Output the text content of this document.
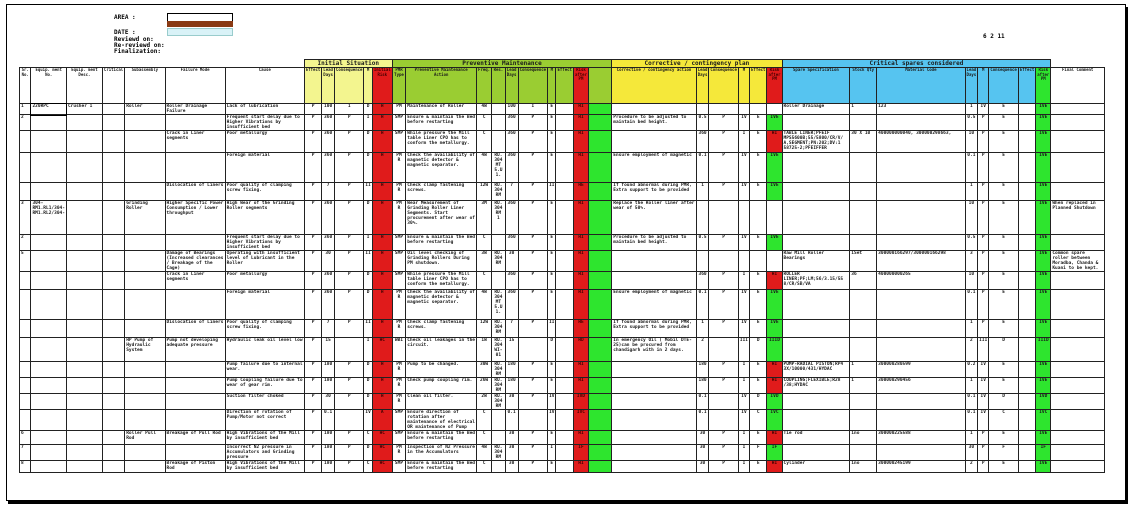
AREA :
DATE :
Reviewd on:
Re-reviewd on:
Finalization:
6 2 11
							Initial Situation					Preventive Maintenance										Corrective / contingency plan						Critical spares considered								
Sr. No.	Equip. ment No.	Equip. ment Desc.	Critical	Subassembly	Failure Mode	Cause	Effect	Lead Days	Consequence	M	Initial Risk	PMR Type	Preventive Maintenance Action	Freq.	Res.	Lead Days	Consequence	M	Effect	Risk after PM		Corrective / contingency action	Lead Days	Consequence	M	Effect	Risk after PM	Spare Specification	Stock Qty	Material Code	Lead Days	M	Consequence	Effect	Risk after PM	Final Comment
1	220RPC	Crusher 1		Roller	Roller Drainage Failure	Lack of lubrication	P	100	1	D	H	PM	Maintenance of Roller	4W		100	I	E		HI								Roller Drainage	1	123	1	IV	E		IVE	
2						Frequent start delay due to Higher Vibrations by insufficient bed	P	360	P	I	H	SMP	Ensure & maintain the Bed before restarting	C		360	P	E		HI		Procedure to be adjusted to maintain bed height.	0.5	P	IV	E	IVE				0.5	P	E		IVE	
					Crack in Liner segments	Poor metallurgy	P	360	P	D	H	SMP	While pressure the Mill table Liner CPO has to conform the metallurgy.	C		360	P	E		HI			360	P	I	E	HI	TABLE LINER;PFEIF MPS5600B;55/5800/CR/V/ A,SEGMENT;PN:202;DV:1 58725-2;PFEIFFER	30 X 10	400000000040, 300000298663,	10	P	E		IVE	
						Foreign material	P	360	P	D	H	PM R	Check the availability of magnetic detector & magnetic separator.	4W	RU. 304 MT 5.U 1.	360	P	E		HI		Ensure employment of magnetic	0.1	P	IV	E	IVE				0.1	P	E		IVE	
					Dislocation of Liners	Poor quality of clamping screw fixing.	P	7	P	II	H	PM R	Check clamp fastening screws.	12W	RU. 304 RM	7	P	II		HE		If found abnormal during PMR, Extra support to be provided	1	P	IV	E	IVE				1	P	E		IVE	
3	304-RM1.RL1/304-RM1.RL2/304-			Grinding Roller	Higher Specific Power Consumption / Lower throughput	High Wear of the Grinding Roller segments	P	360	P	D	H	PM R	Wear Measurement of Grinding Roller Liner Segments. Start procurement after wear of 30%.	3M	RU. 304 RM 1	360	P	E		HI		Replace the Roller liner after wear of 50%.									10	P	E		IVE	When replaced in Planned Shutdown
2						Frequent start delay due to Higher Vibrations by insufficient bed	P	360	P	I	H	SMP	Ensure & maintain the Bed before restarting	C		360	P	E		HI		Procedure to be adjusted to maintain bed height.	0.5	P	IV	E	IVE				0.5	P	E		IVE	
5					Damage of Bearings (Increased clearances / Breakage of the Cage)	Operating with insufficient level of Lubricant in the Roller	P	30	P	II	H	SMP	Oil level checking of Grinding Rollers During PM shutdown.	3W	RU. 304 RM	30	P	E		HI								Raw Mill Roller Bearings	1Set	300000166297/300000166298	3	P	E		IVE	Common spare roller between Moradba, Chanda & Kuani to be kept.
					Crack in Liner segments	Poor metallurgy	P	360	P	D	H	SMP	While pressure the Mill table Liner CPO has to conform the metallurgy.	C		360	P	E		HI			360	P	I	E	HI	ROLLER LINER;PF;LM;56/3.15/55 8/CR/SB/VA	36	400000000265	10	P	E		IVE	
						Foreign material	P	360	P	D	H	PM R	Check the availability of magnetic detector & magnetic separator.	4W	RU. 304 MT 5.U 1.	360	P	E		HI		Ensure employment of magnetic	0.1	P	IV	E	IVE				0.1	P	E		IVE	
					Dislocation of Liners	Poor quality of clamping screw fixing.	P	7	P	II	H	PM R	Check clamp fastening screws.	12W	RU. 304 RM	7	P	II		HE		If found abnormal during PMR, Extra support to be provided	1	P	IV	E	IVE				1	P	E		IVE	
				HP Pump of Hydraulic System	Pump not developing adequate pressure	Hydraulic leak oil level low	P	15		I	HC	WBI	Check oil leakages in the circuit.	1W	RU. 304 WI-01	15		D		HD		In emergency Oil ( Mobil DTE-25)can be procured from chandigarh with in 2 days.	2		III	D	IIID				2	III	D		IIID	
						Pump failure due to internal wear.	P	180	P	D	H	PM R	Pump to be changed.	30W	RU. 304 RM	180	P	E		HI			180	P	I	E	HI	PUMP-RADIAL PISTON;RP4 3X/10000/431/HYDAC	1	300000280599	0.2	IV	E		IVE	
						Pump Coupling failure due to wear of gear rim.	P	180	P	D	H	PM R	Check pump coupling rim.	26W	RU. 304 RM	180	P	E		HI			180	P	I	E	HI	COUPLING;FLEXIBLE;R28 /38;HYDAC	1	300000290456	1	IV	E		IVE	
						Suction filter choked	P	30	P	D	H	PM R	Clean oil filter.	2W	RU. 304 RM	30	P	IV		IVD			0.1		IV	D	IVD				0.1	IV	D		IVD	
						Direction of rotation of Pump/Motor not correct	P	0.1		IV	A	SMP	Ensure direction of rotation after maintenance of electrical OR maintenance of Pump	C		0.1		IV		IVC			0.1		IV	C	IVC				0.1	IV	C		IVC	
6				Roller Pull Rod	Breakage of Pull Rod	High Vibrations of the Mill by insufficient bed	P	180	P	C	HC	SMP	Ensure & maintain the Bed before restarting	C		30	P	E		HI			30	P	I	E	HI	Tie rod	1no	300000225588	1	P	E		IVE	
7						Incorrect N2 pressure in Accumulators and Grinding pressure	P	180	P	D	HC	PM R	Inspection of N2 Pressure in the Accumulators	4W	RU. 304 RM	30	P	I		IF			30	P	I	F	IF				30	P	F		IF	
8					Breakage of Piston Rod	High Vibrations of the Mill by insufficient bed	P	180	P	C	HC	SMP	Ensure & maintain the Bed before restarting	C		30	P	E		HI			30	P	I	E	HI	Cylinder	1no	300000245199	2	P	E		IVE	
